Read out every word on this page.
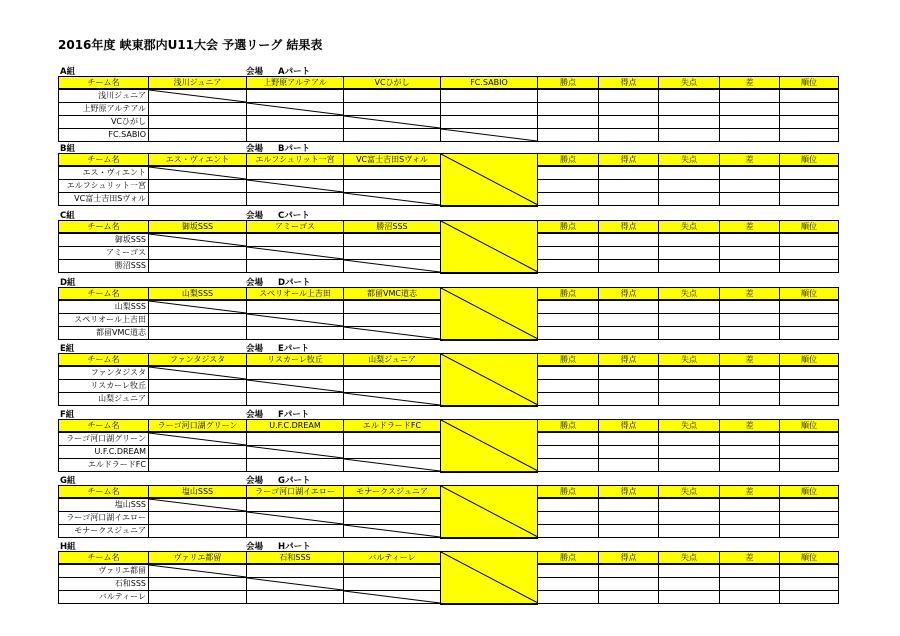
2016年度 峡東郡内U11大会 予選リーグ 結果表
A組	会場 Aパート
チーム名	浅川ジュニア	上野原アルテアル	VCひがし	FC.SABIO	勝点	得点	失点	差	順位
浅川ジュニア	

上野原アルテアル		

VCひがし			

FC.SABIO				

B組	会場 Bパート
チーム名	エス・ヴィエント	エルフシュリット一宮	VC富士吉田Sヴォル		勝点	得点	失点	差	順位
エス・ヴィエント	

エルフシュリット一宮		

VC富士吉田Sヴォル			

C組	会場 Cパート
チーム名	御坂SSS	アミーゴス	勝沼SSS		勝点	得点	失点	差	順位
御坂SSS	

アミーゴス		

勝沼SSS			

D組	会場 Dパート
チーム名	山梨SSS	スペリオール上吉田	都留VMC道志		勝点	得点	失点	差	順位
山梨SSS	

スペリオール上吉田		

都留VMC道志			

E組	会場 Eパート
チーム名	ファンタジスタ	リスカーレ牧丘	山梨ジュニア		勝点	得点	失点	差	順位
ファンタジスタ	

リスカーレ牧丘		

山梨ジュニア			

F組	会場 Fパート
チーム名	ラーゴ河口湖グリーン	U.F.C.DREAM	エルドラードFC		勝点	得点	失点	差	順位
ラーゴ河口湖グリーン	

U.F.C.DREAM		

エルドラードFC			

G組	会場 Gパート
チーム名	塩山SSS	ラーゴ河口湖イエロー	モナークスジュニア		勝点	得点	失点	差	順位
塩山SSS	

ラーゴ河口湖イエロー		

モナークスジュニア			

H組	会場 Hパート
チーム名	ヴァリエ都留	石和SSS	バルティーレ		勝点	得点	失点	差	順位
ヴァリエ都留	

石和SSS		

バルティーレ			
